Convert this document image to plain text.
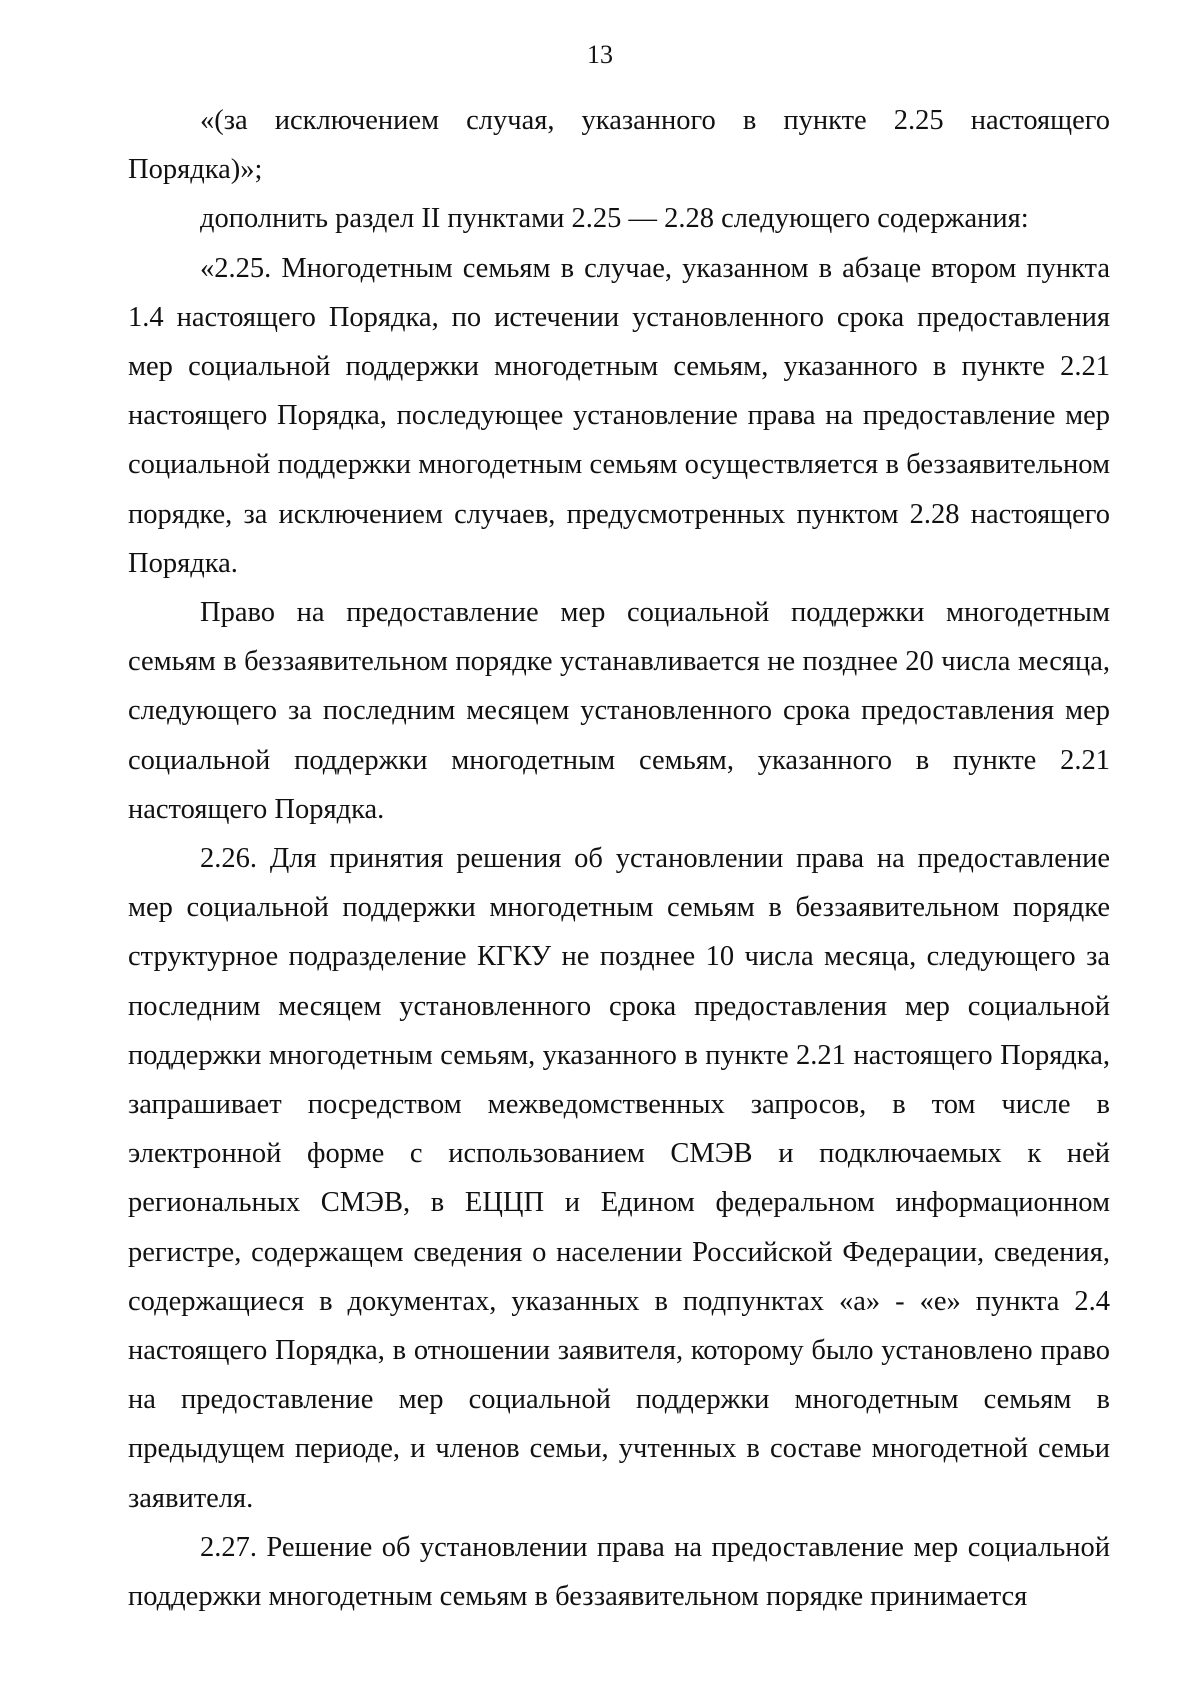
13

«(за исключением случая, указанного в пункте 2.25 настоящего Порядка)»;

дополнить раздел II пунктами 2.25 — 2.28 следующего содержания:

«2.25. Многодетным семьям в случае, указанном в абзаце втором пункта 1.4 настоящего Порядка, по истечении установленного срока предоставления мер социальной поддержки многодетным семьям, указанного в пункте 2.21 настоящего Порядка, последующее установление права на предоставление мер социальной поддержки многодетным семьям осуществляется в беззаявительном порядке, за исключением случаев, предусмотренных пунктом 2.28 настоящего Порядка.

Право на предоставление мер социальной поддержки многодетным семьям в беззаявительном порядке устанавливается не позднее 20 числа месяца, следующего за последним месяцем установленного срока предоставления мер социальной поддержки многодетным семьям, указанного в пункте 2.21 настоящего Порядка.

2.26. Для принятия решения об установлении права на предоставление мер социальной поддержки многодетным семьям в беззаявительном порядке структурное подразделение КГКУ не позднее 10 числа месяца, следующего за последним месяцем установленного срока предоставления мер социальной поддержки многодетным семьям, указанного в пункте 2.21 настоящего Порядка, запрашивает посредством межведомственных запросов, в том числе в электронной форме с использованием СМЭВ и подключаемых к ней региональных СМЭВ, в ЕЦЦП и Едином федеральном информационном регистре, содержащем сведения о населении Российской Федерации, сведения, содержащиеся в документах, указанных в подпунктах «а» - «е» пункта 2.4 настоящего Порядка, в отношении заявителя, которому было установлено право на предоставление мер социальной поддержки многодетным семьям в предыдущем периоде, и членов семьи, учтенных в составе многодетной семьи заявителя.

2.27. Решение об установлении права на предоставление мер социальной поддержки многодетным семьям в беззаявительном порядке принимается
